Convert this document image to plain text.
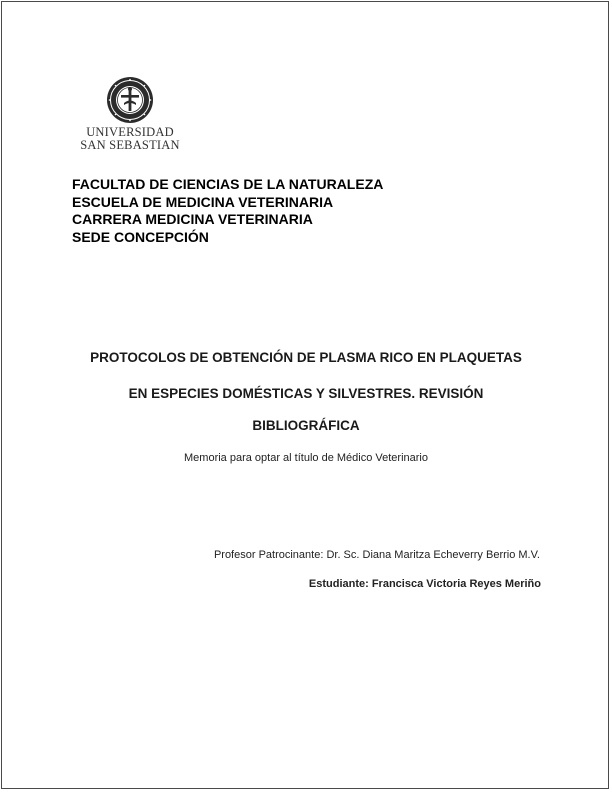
UNIVERSIDAD
SAN SEBASTIAN
FACULTAD DE CIENCIAS DE LA NATURALEZA
ESCUELA DE MEDICINA VETERINARIA
CARRERA MEDICINA VETERINARIA
SEDE CONCEPCIÓN
PROTOCOLOS DE OBTENCIÓN DE PLASMA RICO EN PLAQUETAS
EN ESPECIES DOMÉSTICAS Y SILVESTRES. REVISIÓN
BIBLIOGRÁFICA
Memoria para optar al título de Médico Veterinario
Profesor Patrocinante: Dr. Sc. Diana Maritza Echeverry Berrio M.V.
Estudiante: Francisca Victoria Reyes Meriño
